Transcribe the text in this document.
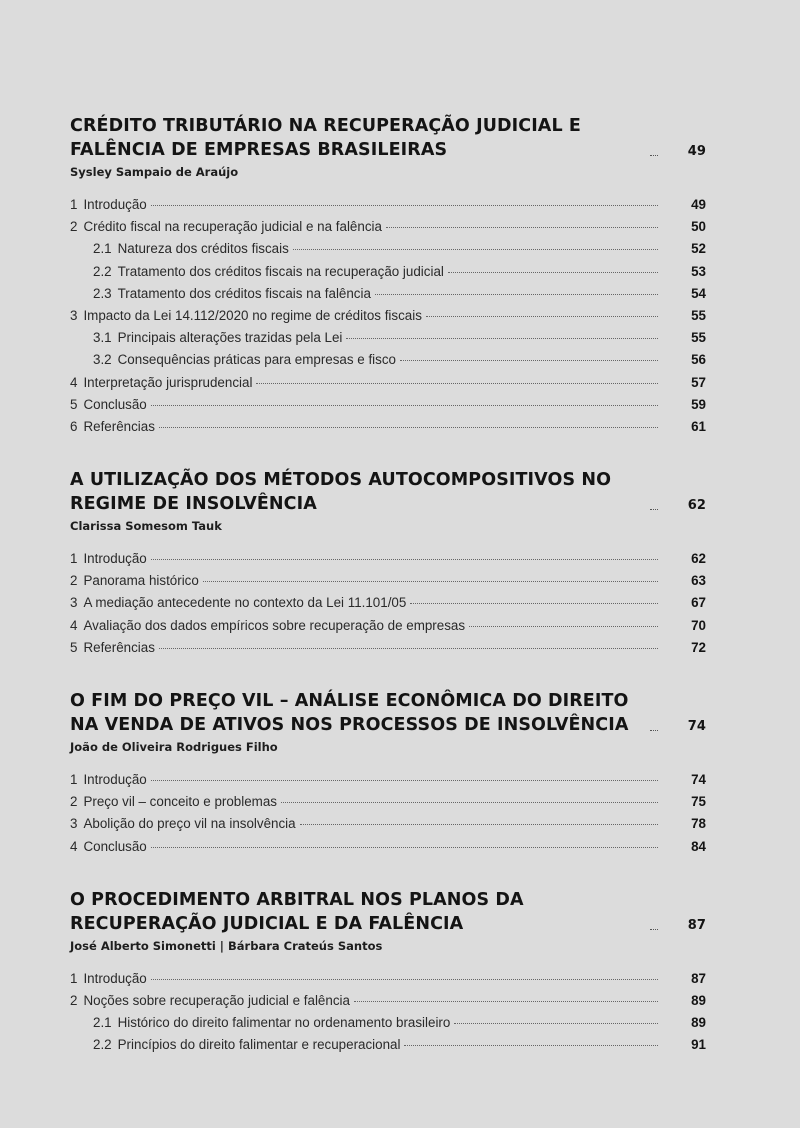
CRÉDITO TRIBUTÁRIO NA RECUPERAÇÃO JUDICIAL E FALÊNCIA DE EMPRESAS BRASILEIRAS	49
Sysley Sampaio de Araújo
1 Introdução	49
2 Crédito fiscal na recuperação judicial e na falência	50
2.1 Natureza dos créditos fiscais	52
2.2 Tratamento dos créditos fiscais na recuperação judicial	53
2.3 Tratamento dos créditos fiscais na falência	54
3 Impacto da Lei 14.112/2020 no regime de créditos fiscais	55
3.1 Principais alterações trazidas pela Lei	55
3.2 Consequências práticas para empresas e fisco	56
4 Interpretação jurisprudencial	57
5 Conclusão	59
6 Referências	61
A UTILIZAÇÃO DOS MÉTODOS AUTOCOMPOSITIVOS NO REGIME DE INSOLVÊNCIA	62
Clarissa Somesom Tauk
1 Introdução	62
2 Panorama histórico	63
3 A mediação antecedente no contexto da Lei 11.101/05	67
4 Avaliação dos dados empíricos sobre recuperação de empresas	70
5 Referências	72
O FIM DO PREÇO VIL – ANÁLISE ECONÔMICA DO DIREITO NA VENDA DE ATIVOS NOS PROCESSOS DE INSOLVÊNCIA	74
João de Oliveira Rodrigues Filho
1 Introdução	74
2 Preço vil – conceito e problemas	75
3 Abolição do preço vil na insolvência	78
4 Conclusão	84
O PROCEDIMENTO ARBITRAL NOS PLANOS DA RECUPERAÇÃO JUDICIAL E DA FALÊNCIA	87
José Alberto Simonetti | Bárbara Crateús Santos
1 Introdução	87
2 Noções sobre recuperação judicial e falência	89
2.1 Histórico do direito falimentar no ordenamento brasileiro	89
2.2 Princípios do direito falimentar e recuperacional	91
